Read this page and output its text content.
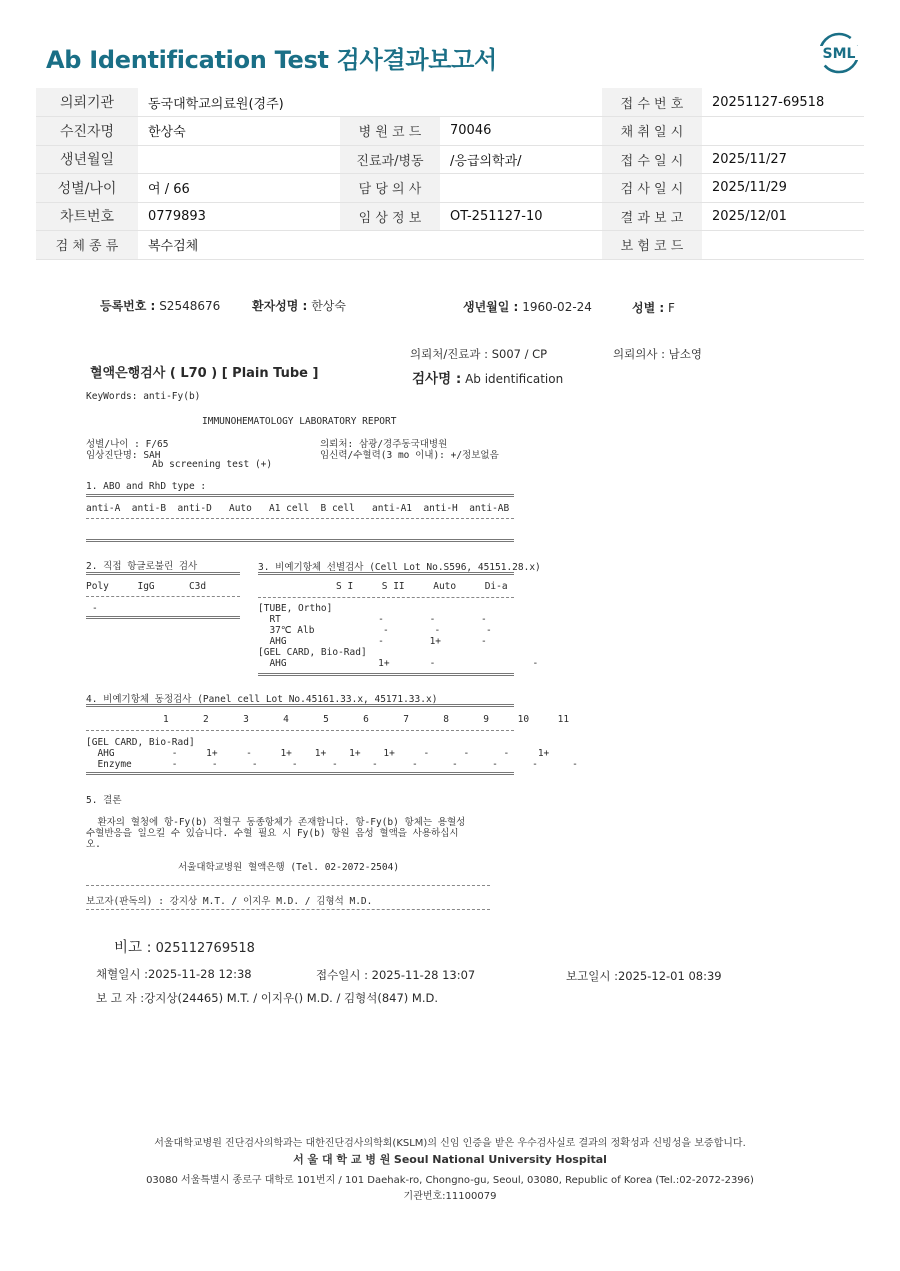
Ab Identification Test 검사결과보고서	SML
의뢰기관	동국대학교의료원(경주)			접 수 번 호	20251127-69518
수진자명	한상숙	병 원 코 드	70046	채 취 일 시	
생년월일		진료과/병동	/응급의학과/	접 수 일 시	2025/11/27
성별/나이	여 / 66	담 당 의 사		검 사 일 시	2025/11/29
차트번호	0779893	임 상 정 보	OT-251127-10	결 과 보 고	2025/12/01
검 체 종 류	복수검체			보 험 코 드	
등록번호 : S2548676	환자성명 : 한상숙	생년월일 : 1960-02-24	성별 : F
의뢰처/진료과 : S007 / CP	의뢰의사 : 남소영
혈액은행검사 ( L70 ) [ Plain Tube ]	검사명 : Ab identification
KeyWords: anti-Fy(b)
IMMUNOHEMATOLOGY LABORATORY REPORT
성별/나이 : F/65
임상진단명: SAH
Ab screening test (+)
의뢰처: 삼광/경주동국대병원
임신력/수혈력(3 mo 이내): +/정보없음
1. ABO and RhD type :
anti-A  anti-B  anti-D   Auto   A1 cell  B cell   anti-A1  anti-H  anti-AB
2. 직접 항글로불린 검사
Poly     IgG      C3d
-
3. 비예기항체 선별검사 (Cell Lot No.S596, 45151.28.x)
S I     S II     Auto     Di-a
[TUBE, Ortho]
RT                 -        -        -
37℃ Alb            -        -        -
AHG                -        1+       -
[GEL CARD, Bio-Rad]
AHG                1+       -                 -
4. 비예기항체 동정검사 (Panel cell Lot No.45161.33.x, 45171.33.x)
1      2      3      4      5      6      7      8      9     10     11
[GEL CARD, Bio-Rad]
AHG          -     1+     -     1+    1+    1+    1+     -      -      -     1+
Enzyme       -      -      -      -      -      -      -      -      -      -      -
5. 결론
환자의 혈청에 항-Fy(b) 적혈구 동종항체가 존재합니다. 항-Fy(b) 항체는 용혈성
수혈반응을 일으킬 수 있습니다. 수혈 필요 시 Fy(b) 항원 음성 혈액을 사용하십시
오.
서울대학교병원 혈액은행 (Tel. 02-2072-2504)
보고자(판독의) : 강지상 M.T. / 이지우 M.D. / 김형석 M.D.
비고 : 025112769518
채혈일시 :2025-11-28 12:38	접수일시 : 2025-11-28 13:07	보고일시 :2025-12-01 08:39
보 고 자 :강지상(24465) M.T. / 이지우() M.D. / 김형석(847) M.D.
서울대학교병원 진단검사의학과는 대한진단검사의학회(KSLM)의 신임 인증을 받은 우수검사실로 결과의 정확성과 신빙성을 보증합니다.
서 울 대 학 교 병 원 Seoul National University Hospital
03080 서울특별시 종로구 대학로 101번지 / 101 Daehak-ro, Chongno-gu, Seoul, 03080, Republic of Korea (Tel.:02-2072-2396)
기관번호:11100079
